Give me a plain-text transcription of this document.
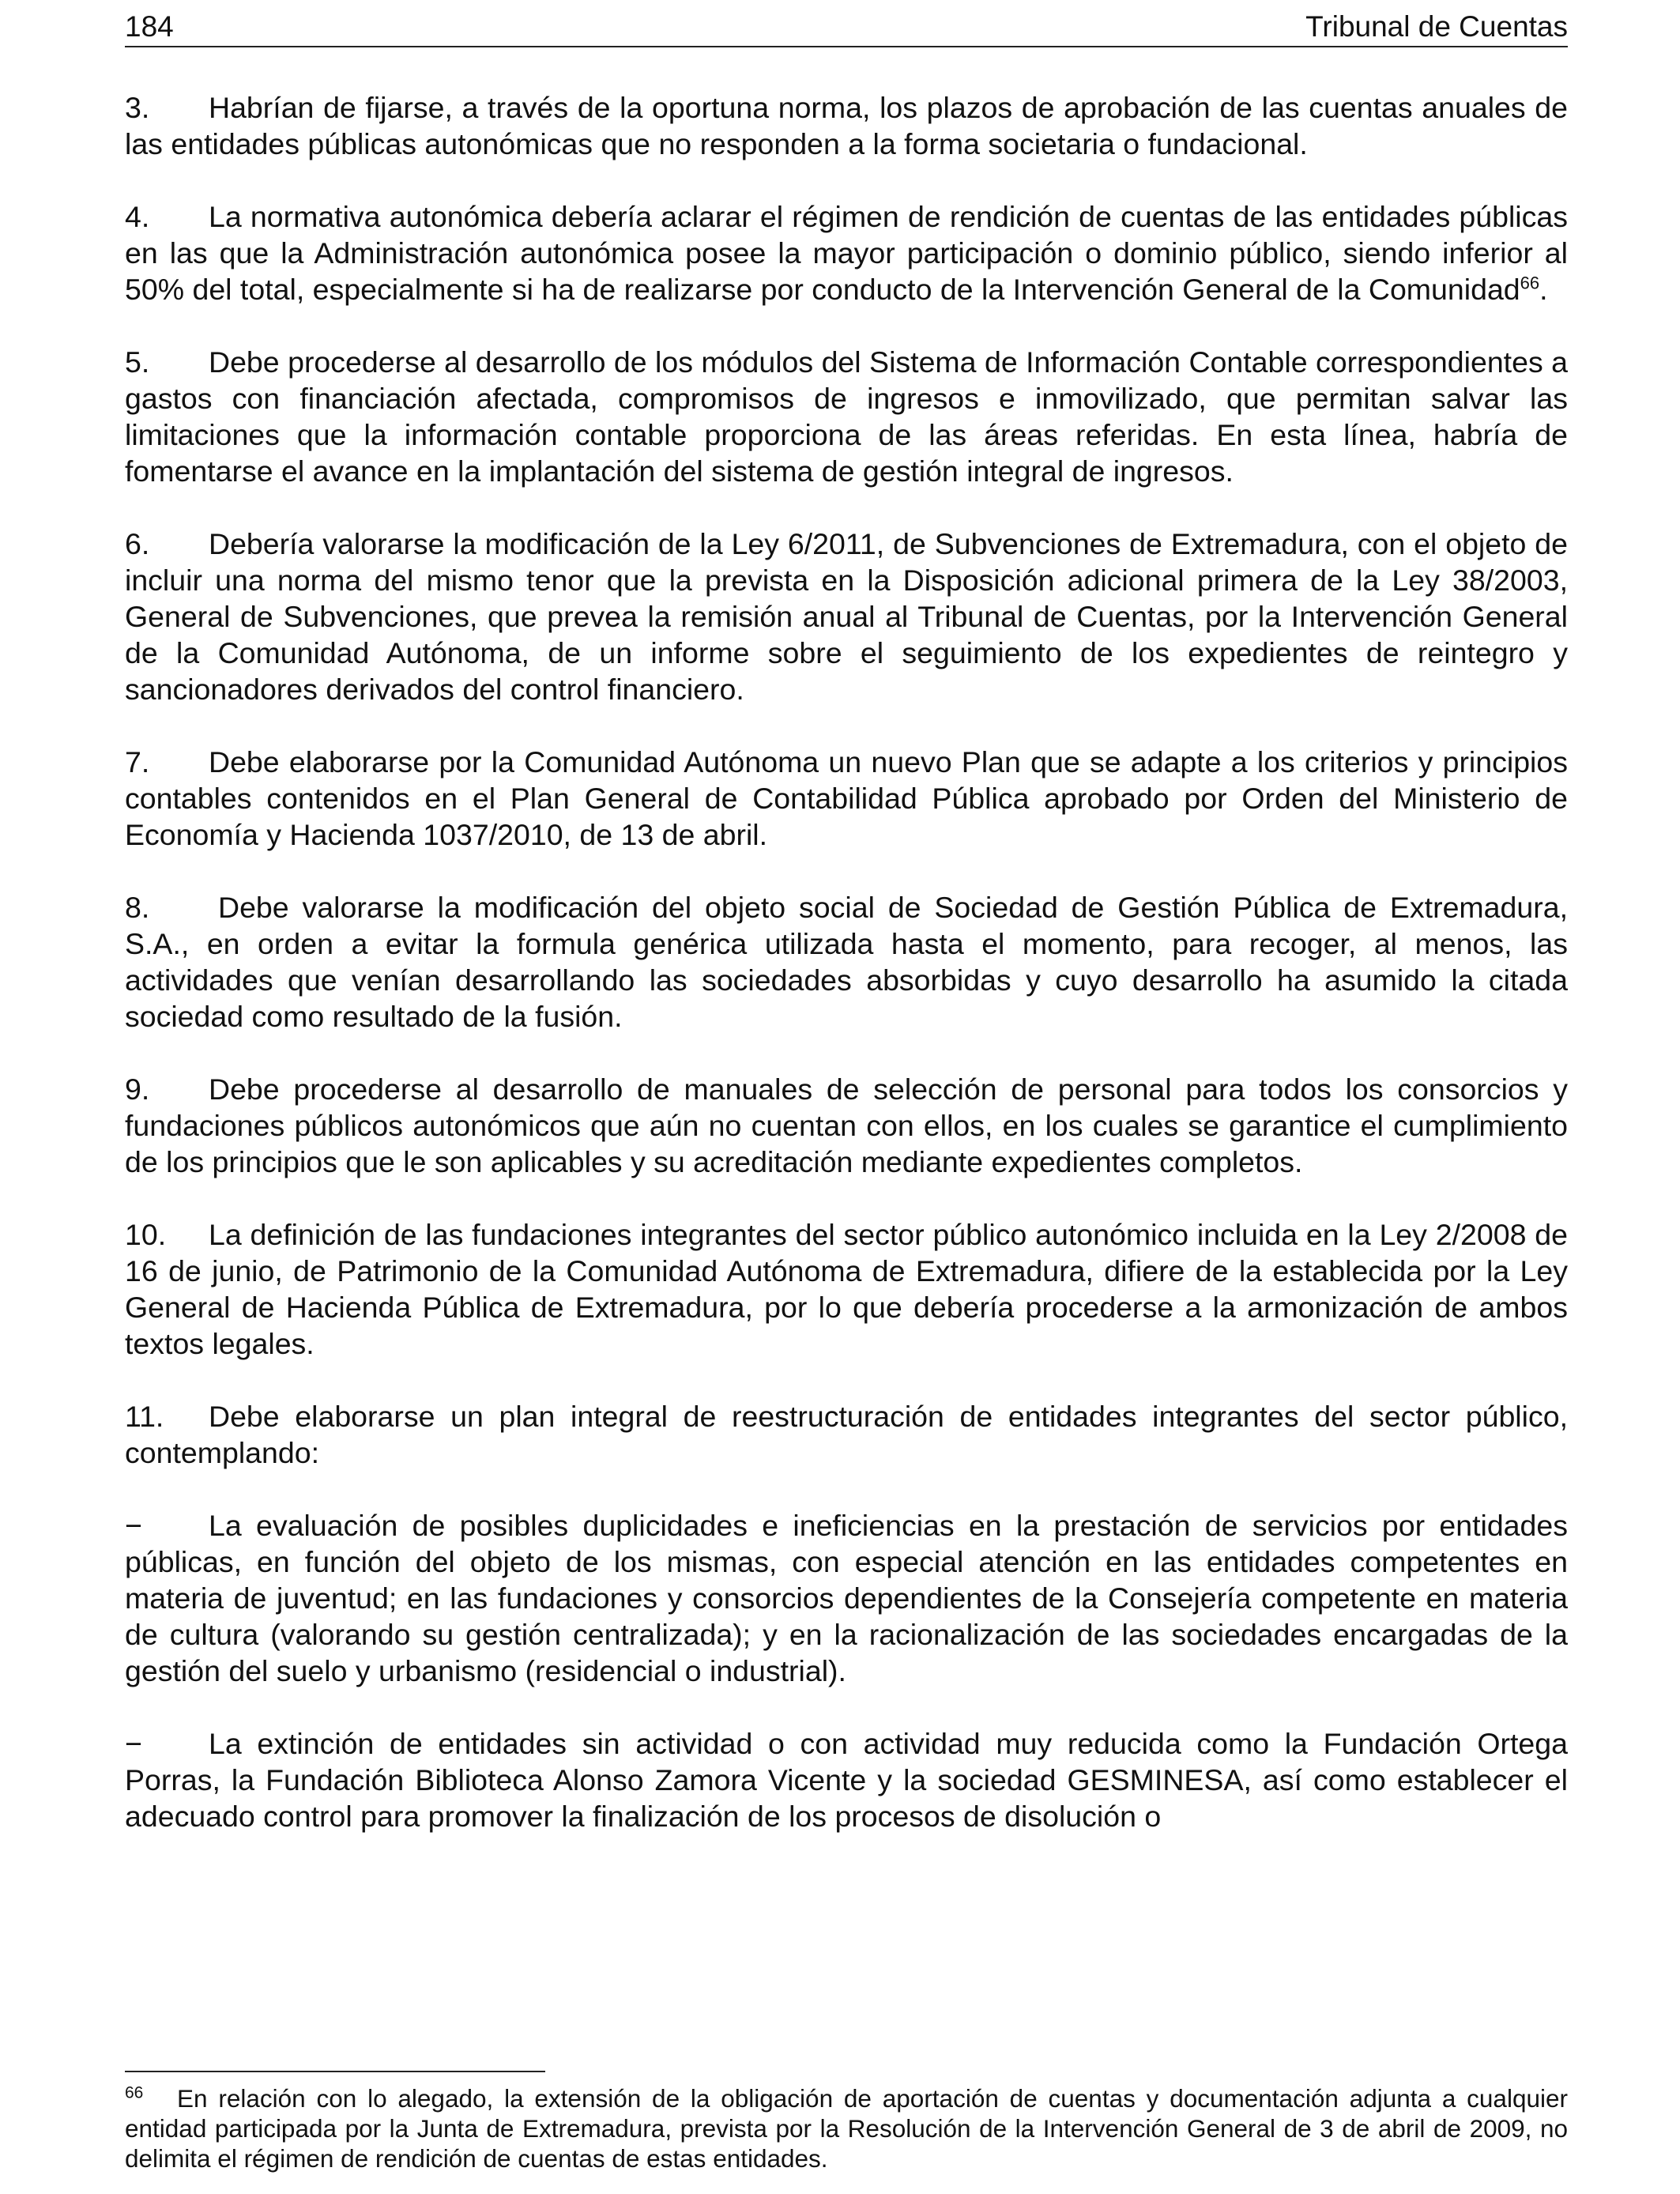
184	Tribunal de Cuentas

3. Habrían de fijarse, a través de la oportuna norma, los plazos de aprobación de las cuentas anuales de las entidades públicas autonómicas que no responden a la forma societaria o fundacional.

4. La normativa autonómica debería aclarar el régimen de rendición de cuentas de las entidades públicas en las que la Administración autonómica posee la mayor participación o dominio público, siendo inferior al 50% del total, especialmente si ha de realizarse por conducto de la Intervención General de la Comunidad$^{66}$.

5. Debe procederse al desarrollo de los módulos del Sistema de Información Contable correspondientes a gastos con financiación afectada, compromisos de ingresos e inmovilizado, que permitan salvar las limitaciones que la información contable proporciona de las áreas referidas. En esta línea, habría de fomentarse el avance en la implantación del sistema de gestión integral de ingresos.

6. Debería valorarse la modificación de la Ley 6/2011, de Subvenciones de Extremadura, con el objeto de incluir una norma del mismo tenor que la prevista en la Disposición adicional primera de la Ley 38/2003, General de Subvenciones, que prevea la remisión anual al Tribunal de Cuentas, por la Intervención General de la Comunidad Autónoma, de un informe sobre el seguimiento de los expedientes de reintegro y sancionadores derivados del control financiero.

7. Debe elaborarse por la Comunidad Autónoma un nuevo Plan que se adapte a los criterios y principios contables contenidos en el Plan General de Contabilidad Pública aprobado por Orden del Ministerio de Economía y Hacienda 1037/2010, de 13 de abril.

8. Debe valorarse la modificación del objeto social de Sociedad de Gestión Pública de Extremadura, S.A., en orden a evitar la formula genérica utilizada hasta el momento, para recoger, al menos, las actividades que venían desarrollando las sociedades absorbidas y cuyo desarrollo ha asumido la citada sociedad como resultado de la fusión.

9. Debe procederse al desarrollo de manuales de selección de personal para todos los consorcios y fundaciones públicos autonómicos que aún no cuentan con ellos, en los cuales se garantice el cumplimiento de los principios que le son aplicables y su acreditación mediante expedientes completos.

10. La definición de las fundaciones integrantes del sector público autonómico incluida en la Ley 2/2008 de 16 de junio, de Patrimonio de la Comunidad Autónoma de Extremadura, difiere de la establecida por la Ley General de Hacienda Pública de Extremadura, por lo que debería procederse a la armonización de ambos textos legales.

11. Debe elaborarse un plan integral de reestructuración de entidades integrantes del sector público, contemplando:

− La evaluación de posibles duplicidades e ineficiencias en la prestación de servicios por entidades públicas, en función del objeto de los mismas, con especial atención en las entidades competentes en materia de juventud; en las fundaciones y consorcios dependientes de la Consejería competente en materia de cultura (valorando su gestión centralizada); y en la racionalización de las sociedades encargadas de la gestión del suelo y urbanismo (residencial o industrial).

− La extinción de entidades sin actividad o con actividad muy reducida como la Fundación Ortega Porras, la Fundación Biblioteca Alonso Zamora Vicente y la sociedad GESMINESA, así como establecer el adecuado control para promover la finalización de los procesos de disolución o

$^{66}$ En relación con lo alegado, la extensión de la obligación de aportación de cuentas y documentación adjunta a cualquier entidad participada por la Junta de Extremadura, prevista por la Resolución de la Intervención General de 3 de abril de 2009, no delimita el régimen de rendición de cuentas de estas entidades.
